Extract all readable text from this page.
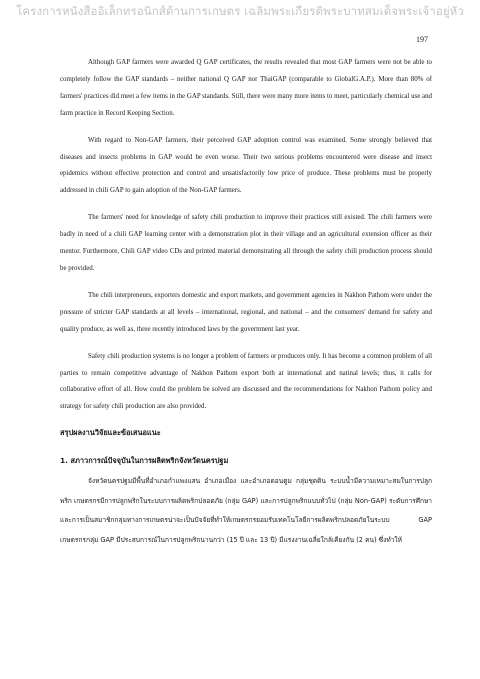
โครงการหนังสืออิเล็กทรอนิกส์ด้านการเกษตร เฉลิมพระเกียรติพระบาทสมเด็จพระเจ้าอยู่หัว
197

Although GAP farmers were awarded Q GAP certificates, the results revealed that most GAP farmers were not be able to completely follow the GAP standards – neither national Q GAP nor ThaiGAP (comparable to GlobalG.A.P.). More than 80% of farmers' practices did meet a few items in the GAP standards. Still, there were many more items to meet, particularly chemical use and farm practice in Record Keeping Section.

With regard to Non-GAP farmers, their perceived GAP adoption control was examined. Some strongly believed that diseases and insects problems in GAP would be even worse. Their two serious problems encountered were disease and insect epidemics without effective protection and control and unsatisfactorily low price of produce. These problems must be properly addressed in chili GAP to gain adoption of the Non-GAP farmers.

The farmers' need for knowledge of safety chili production to improve their practices still existed. The chili farmers were badly in need of a chili GAP learning center with a demonstration plot in their village and an agricultural extension officer as their mentor. Furthermore, Chili GAP video CDs and printed material demonstrating all through the safety chili production process should be provided.

The chili interpreneurs, exporters domestic and export markets, and government agencies in Nakhon Pathom were under the pressure of stricter GAP standards at all levels – international, regional, and national – and the consumers' demand for safety and quality produce, as well as, three recently introduced laws by the government last year.

Safety chili production systems is no longer a problem of farmers or producers only. It has become a common problem of all parties to remain competitive advantage of Nakhon Pathom export both at international and natinal levels; thus, it calls for collaborative effort of all. How could the problem be solved are discussed and the recommendations for Nakhon Pathom policy and strategy for safety chili production are also provided.

สรุปผลงานวิจัยและข้อเสนอแนะ
1. สภาวการณ์ปัจจุบันในการผลิตพริกจังหวัดนครปฐม
จังหวัดนครปฐมมีพื้นที่อำเภอกำแพงแสน อำเภอเมือง และอำเภอดอนตูม กลุ่มชุดดิน ระบบน้ำมีความเหมาะสมในการปลูกพริก เกษตรกรมีการปลูกพริกในระบบการผลิตพริกปลอดภัย (กลุ่ม GAP) และการปลูกพริกแบบทั่วไป (กลุ่ม Non-GAP) ระดับการศึกษาและการเป็นสมาชิกกลุ่มทางการเกษตรน่าจะเป็นปัจจัยที่ทำให้เกษตรกรยอมรับเทคโนโลยีการผลิตพริกปลอดภัยในระบบ GAP เกษตรกรกลุ่ม GAP มีประสบการณ์ในการปลูกพริกนานกว่า (15 ปี และ 13 ปี) มีแรงงานเฉลี่ยใกล้เคียงกัน (2 คน) ซึ่งทำให้
